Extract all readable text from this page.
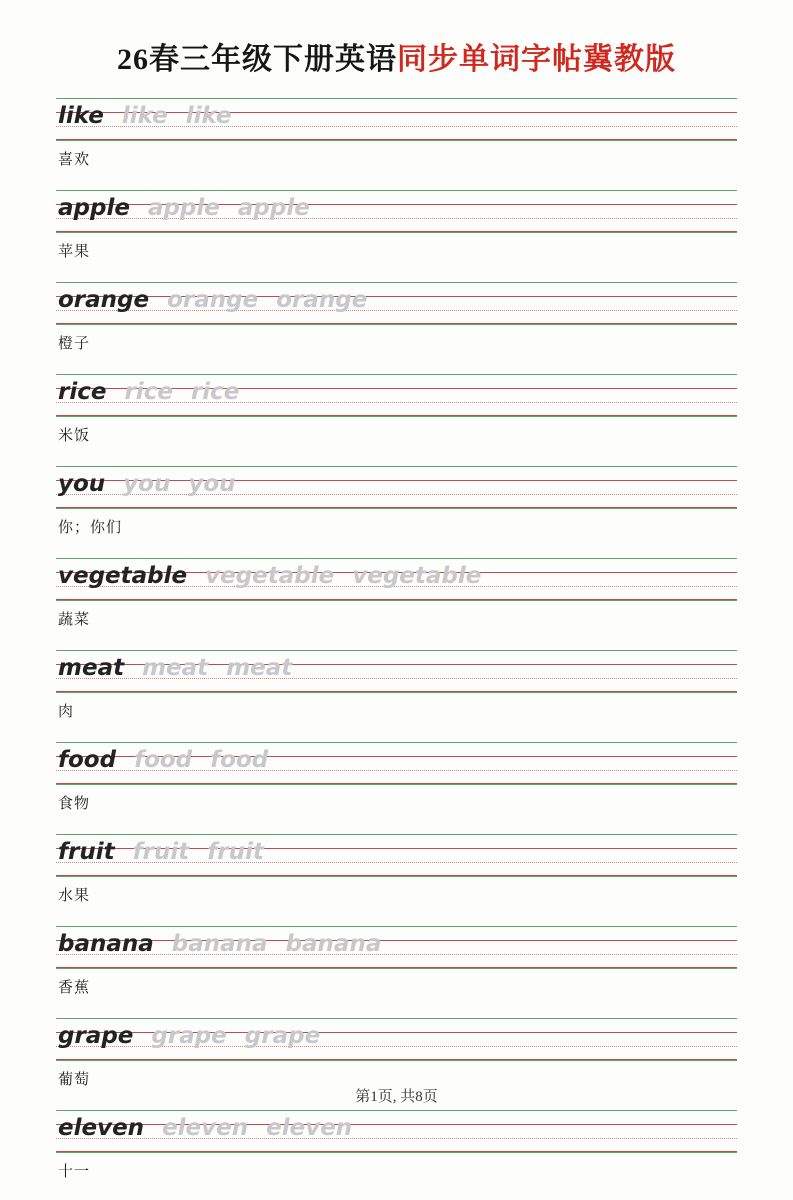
26春三年级下册英语同步单词字帖冀教版
like like like
喜欢
apple apple apple
苹果
orange orange orange
橙子
rice rice rice
米饭
you you you
你；你们
vegetable vegetable vegetable
蔬菜
meat meat meat
肉
food food food
食物
fruit fruit fruit
水果
banana banana banana
香蕉
grape grape grape
葡萄
eleven eleven eleven
十一
第1页, 共8页
